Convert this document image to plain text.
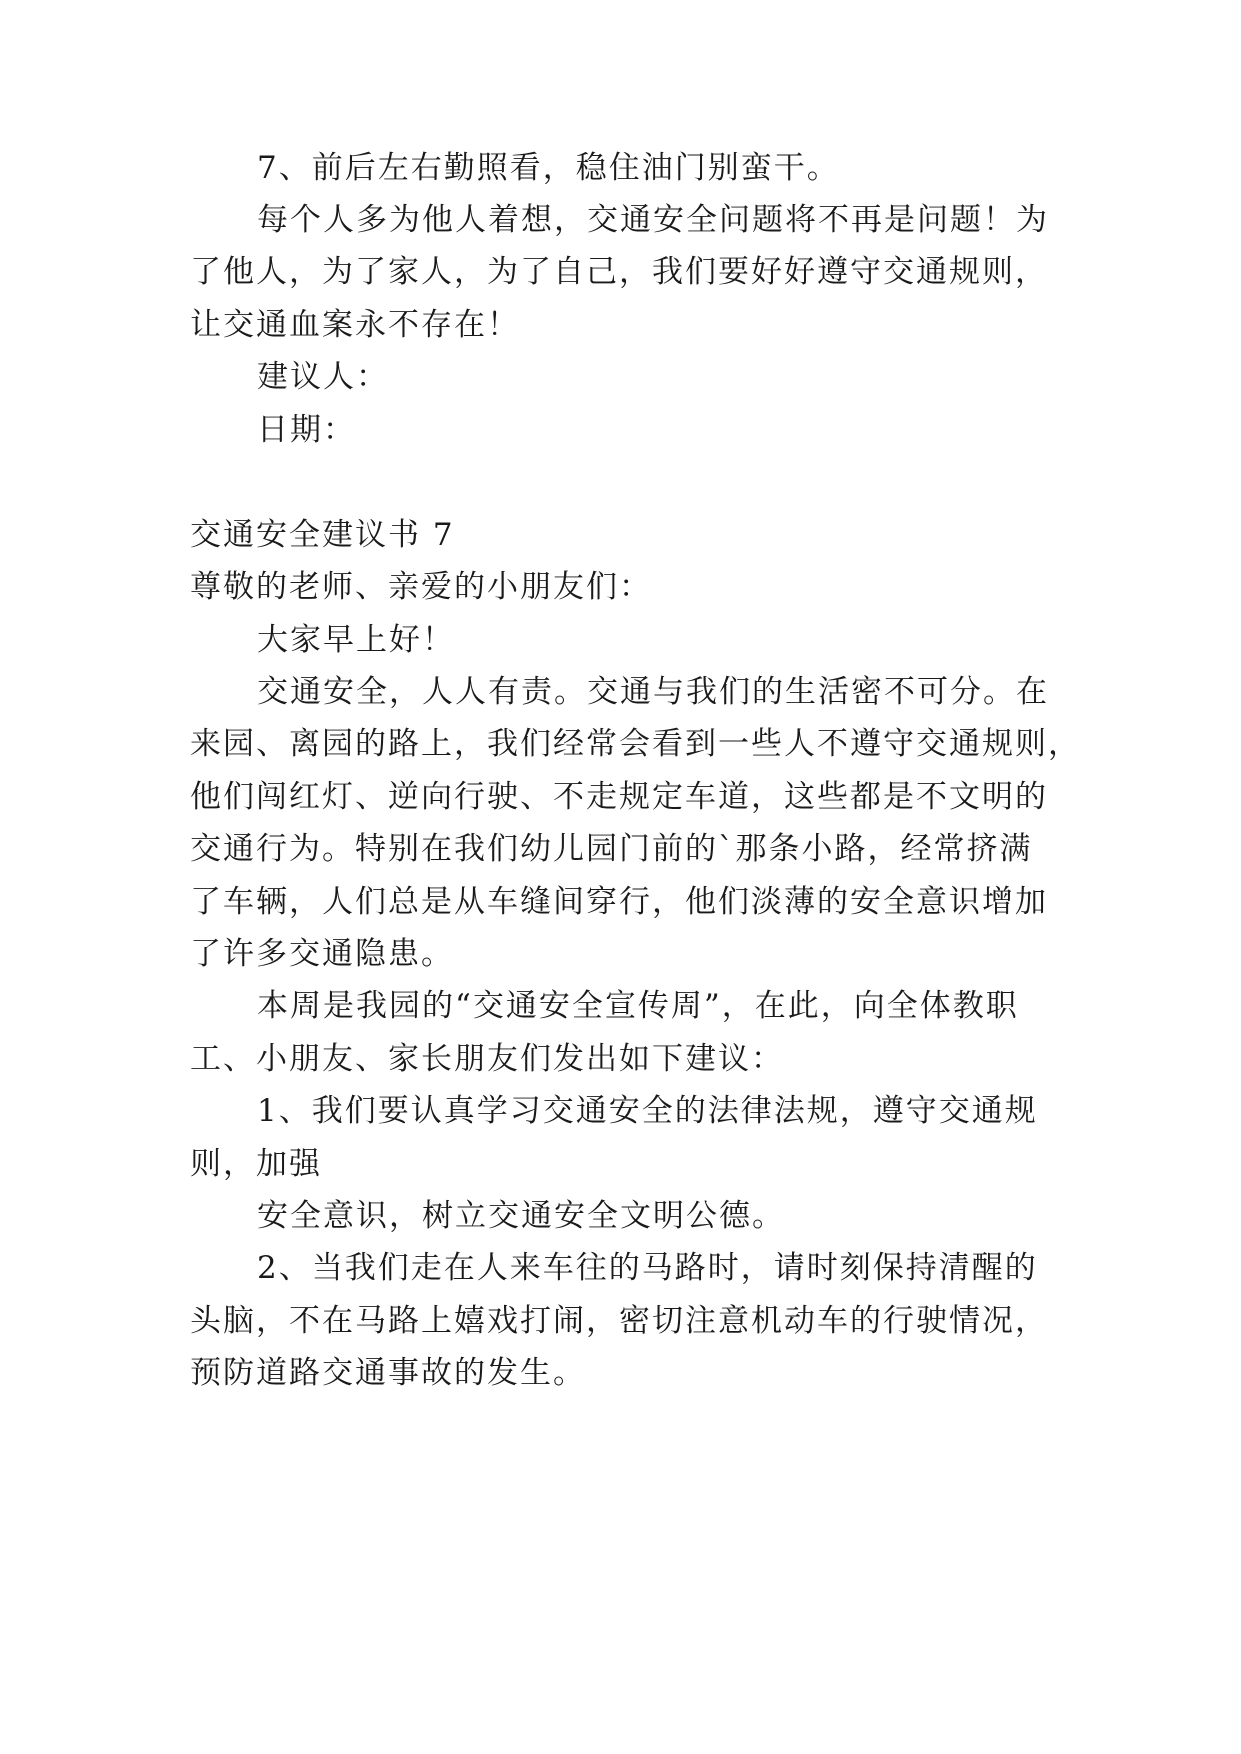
7、前后左右勤照看，稳住油门别蛮干。

每个人多为他人着想，交通安全问题将不再是问题！为

了他人，为了家人，为了自己，我们要好好遵守交通规则，

让交通血案永不存在！

建议人：

日期：

交通安全建议书 7

尊敬的老师、亲爱的小朋友们：

大家早上好！

交通安全，人人有责。交通与我们的生活密不可分。在

来园、离园的路上，我们经常会看到一些人不遵守交通规则，

他们闯红灯、逆向行驶、不走规定车道，这些都是不文明的

交通行为。特别在我们幼儿园门前的`那条小路，经常挤满

了车辆，人们总是从车缝间穿行，他们淡薄的安全意识增加

了许多交通隐患。

本周是我园的“交通安全宣传周”，在此，向全体教职

工、小朋友、家长朋友们发出如下建议：

1、我们要认真学习交通安全的法律法规，遵守交通规

则，加强

安全意识，树立交通安全文明公德。

2、当我们走在人来车往的马路时，请时刻保持清醒的

头脑，不在马路上嬉戏打闹，密切注意机动车的行驶情况，

预防道路交通事故的发生。
